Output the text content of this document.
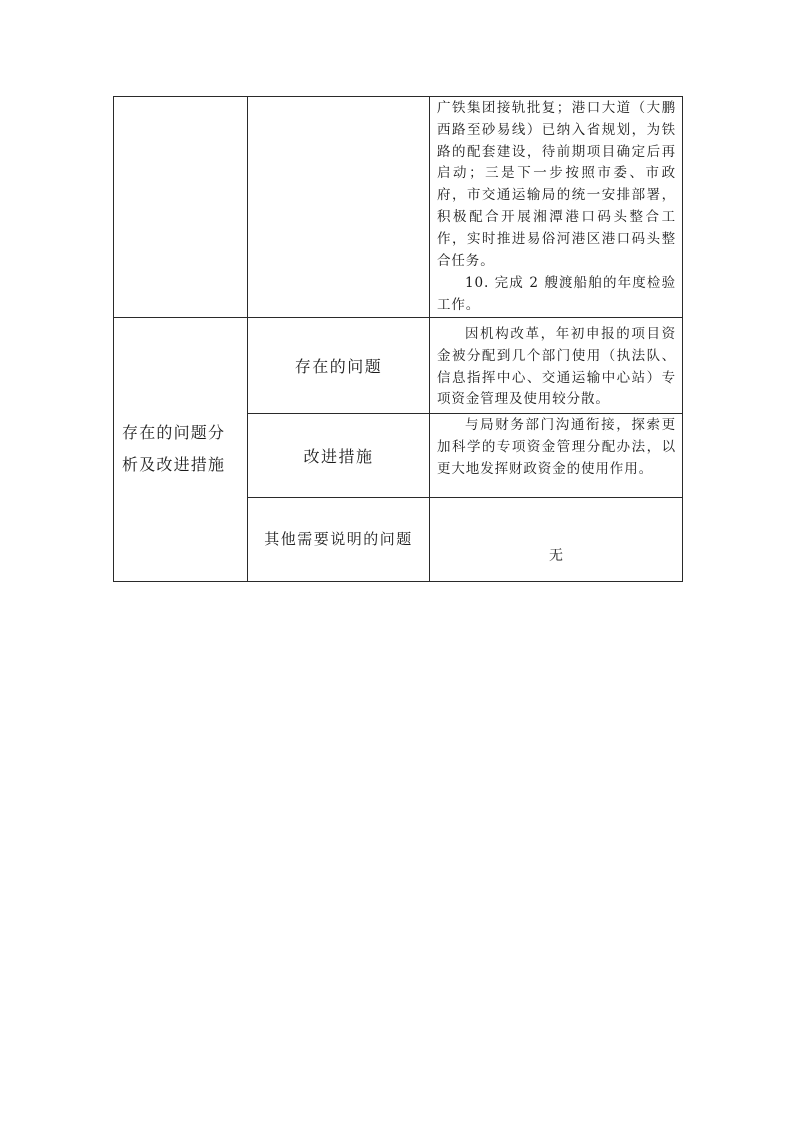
		广铁集团接轨批复；港口大道（大鹏西路至砂易线）已纳入省规划，为铁路的配套建设，待前期项目确定后再启动；三是下一步按照市委、市政府，市交通运输局的统一安排部署，积极配合开展湘潭港口码头整合工作，实时推进易俗河港区港口码头整合任务。

10. 完成 2 艘渡船舶的年度检验工作。

存在的问题分析及改进措施	存在的问题	因机构改革，年初申报的项目资金被分配到几个部门使用（执法队、信息指挥中心、交通运输中心站）专项资金管理及使用较分散。

	改进措施	与局财务部门沟通衔接，探索更加科学的专项资金管理分配办法，以更大地发挥财政资金的使用作用。

	其他需要说明的问题	无
